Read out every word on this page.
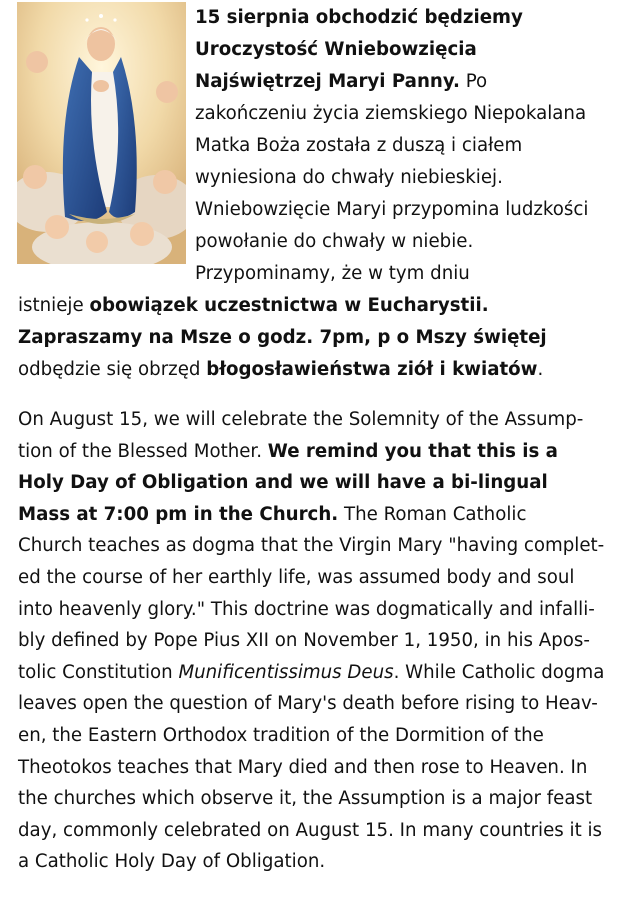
15 sierpnia obchodzić będziemy
Uroczystość Wniebowzięcia
Najświętrzej Maryi Panny. Po
zakończeniu życia ziemskiego Niepokalana
Matka Boża została z duszą i ciałem
wyniesiona do chwały niebieskiej.
Wniebowzięcie Maryi przypomina ludzkości
powołanie do chwały w niebie.
Przypominamy, że w tym dniu

istnieje obowiązek uczestnictwa w Eucharystii.
Zapraszamy na Msze o godz. 7pm, p o Mszy świętej
odbędzie się obrzęd błogosławieństwa ziół i kwiatów.

On August 15, we will celebrate the Solemnity of the Assump-
tion of the Blessed Mother. We remind you that this is a
Holy Day of Obligation and we will have a bi-lingual
Mass at 7:00 pm in the Church. The Roman Catholic
Church teaches as dogma that the Virgin Mary "having complet-
ed the course of her earthly life, was assumed body and soul
into heavenly glory." This doctrine was dogmatically and infalli-
bly defined by Pope Pius XII on November 1, 1950, in his Apos-
tolic Constitution Munificentissimus Deus. While Catholic dogma
leaves open the question of Mary's death before rising to Heav-
en, the Eastern Orthodox tradition of the Dormition of the
Theotokos teaches that Mary died and then rose to Heaven. In
the churches which observe it, the Assumption is a major feast
day, commonly celebrated on August 15. In many countries it is
a Catholic Holy Day of Obligation.
